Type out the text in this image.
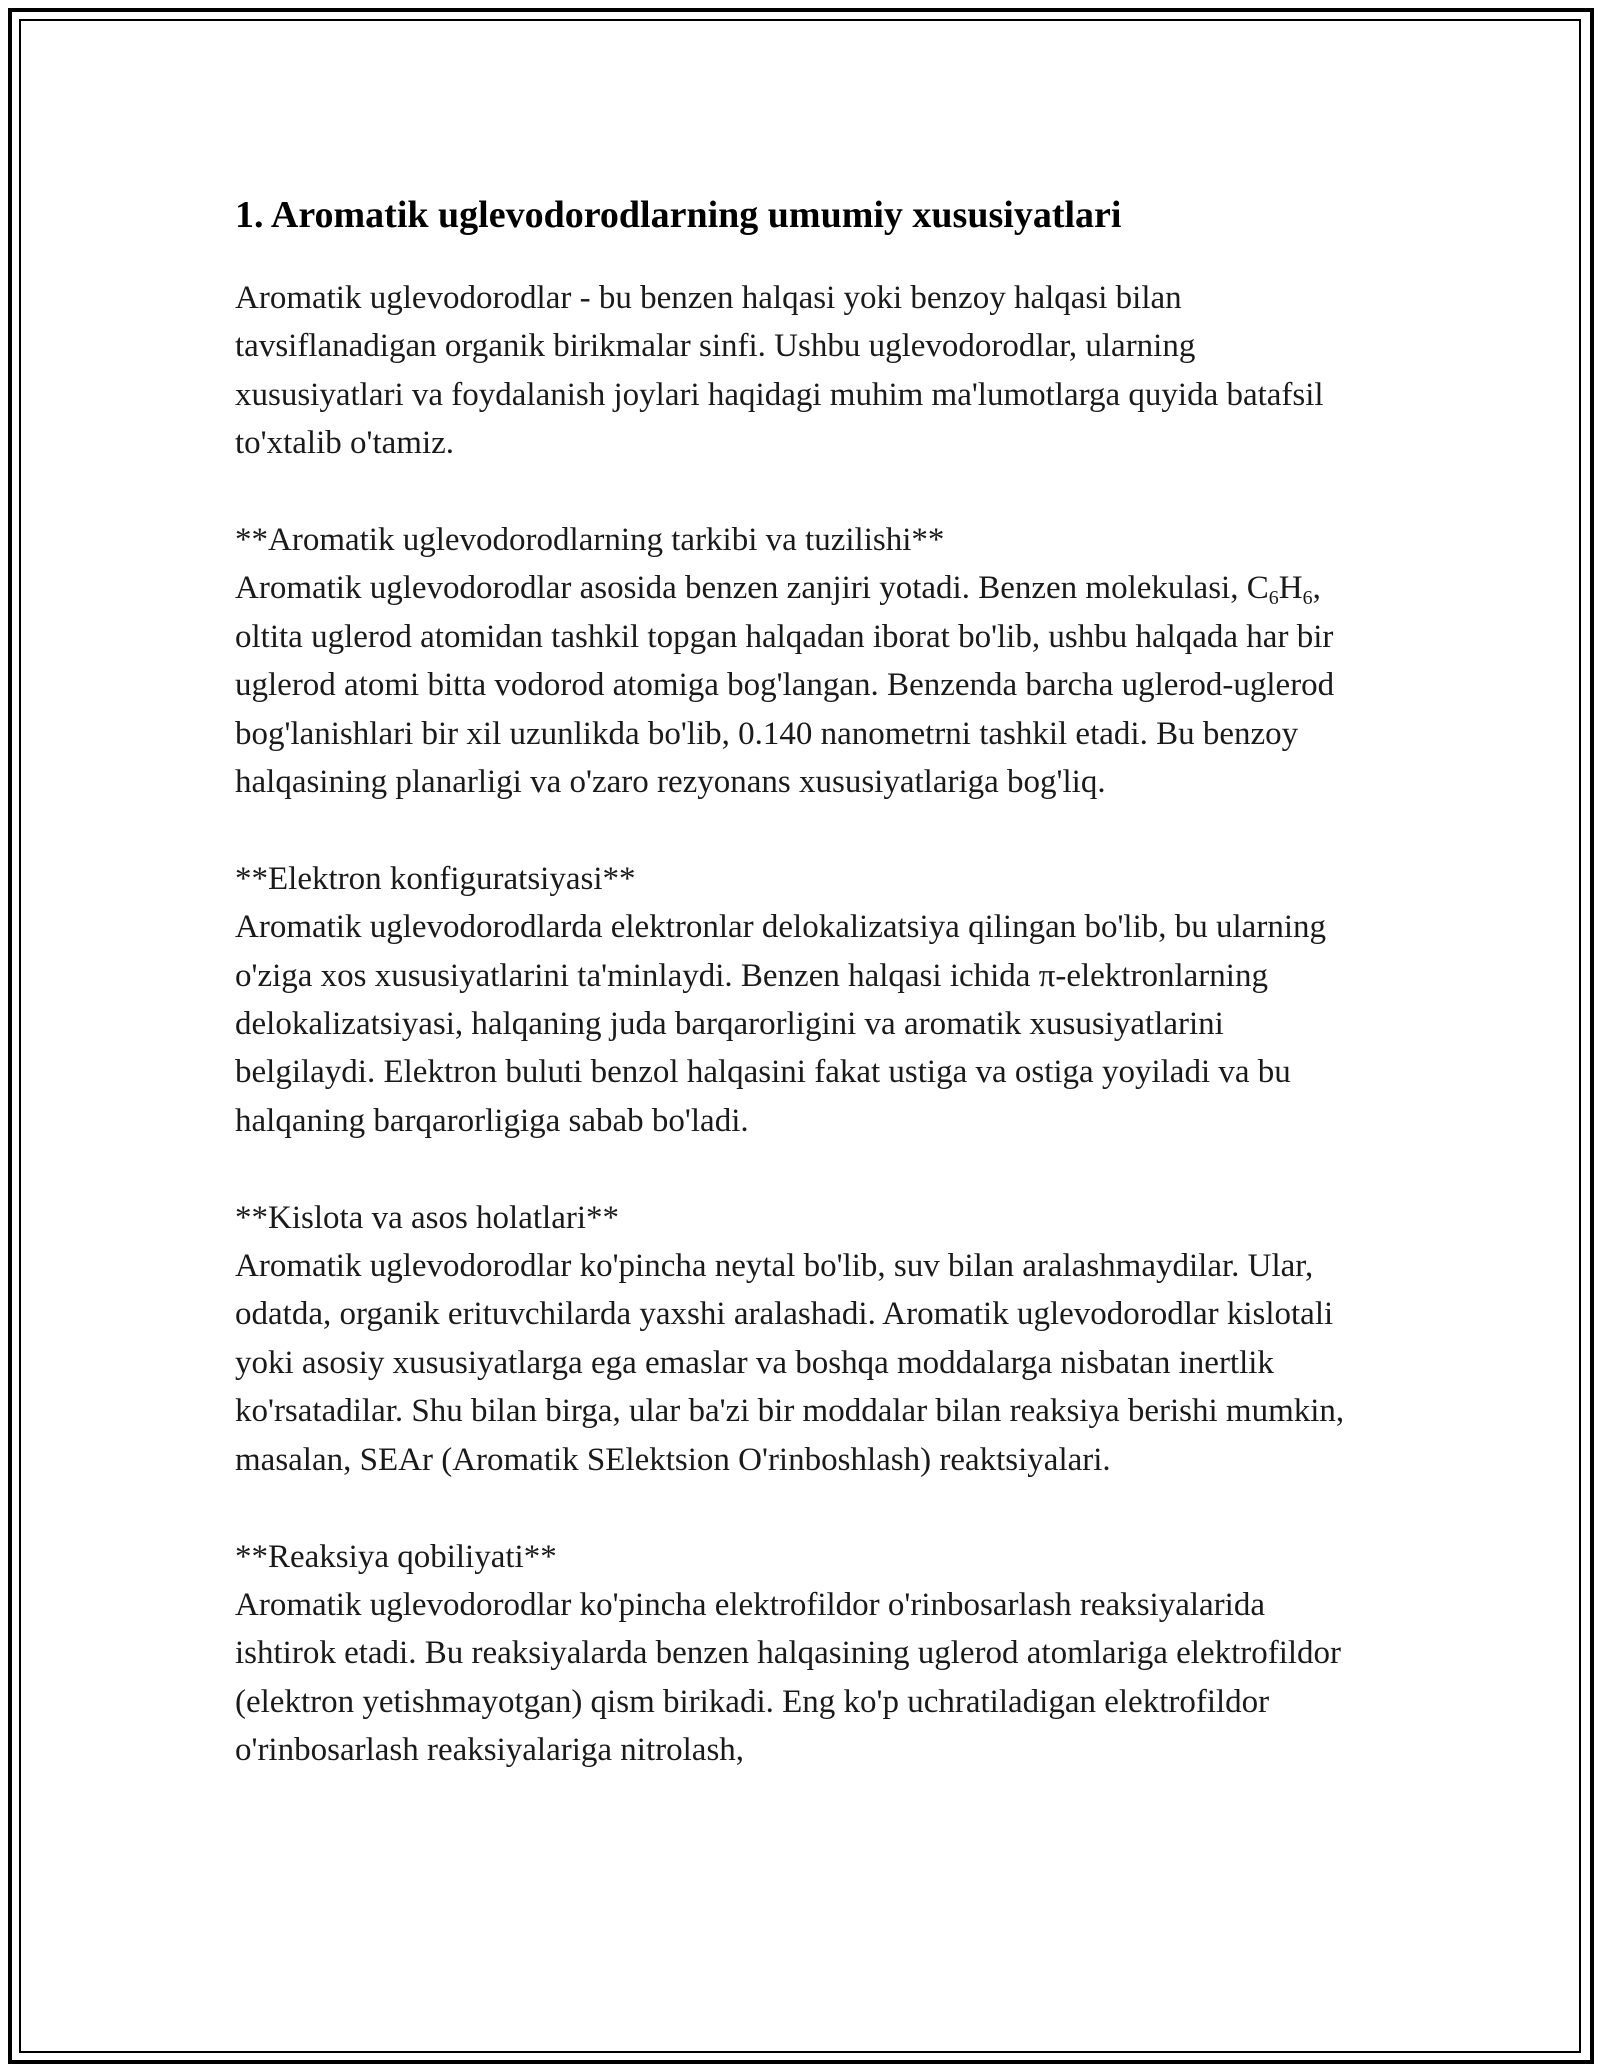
1. Aromatik uglevodorodlarning umumiy xususiyatlari

Aromatik uglevodorodlar - bu benzen halqasi yoki benzoy halqasi bilan tavsiflanadigan organik birikmalar sinfi. Ushbu uglevodorodlar, ularning xususiyatlari va foydalanish joylari haqidagi muhim ma'lumotlarga quyida batafsil to'xtalib o'tamiz.

**Aromatik uglevodorodlarning tarkibi va tuzilishi**
Aromatik uglevodorodlar asosida benzen zanjiri yotadi. Benzen molekulasi, $C_6H_6$, oltita uglerod atomidan tashkil topgan halqadan iborat bo'lib, ushbu halqada har bir uglerod atomi bitta vodorod atomiga bog'langan. Benzenda barcha uglerod-uglerod bog'lanishlari bir xil uzunlikda bo'lib, 0.140 nanometrni tashkil etadi. Bu benzoy halqasining planarligi va o'zaro rezyonans xususiyatlariga bog'liq.

**Elektron konfiguratsiyasi**
Aromatik uglevodorodlarda elektronlar delokalizatsiya qilingan bo'lib, bu ularning o'ziga xos xususiyatlarini ta'minlaydi. Benzen halqasi ichida π-elektronlarning delokalizatsiyasi, halqaning juda barqarorligini va aromatik xususiyatlarini belgilaydi. Elektron buluti benzol halqasini fakat ustiga va ostiga yoyiladi va bu halqaning barqarorligiga sabab bo'ladi.

**Kislota va asos holatlari**
Aromatik uglevodorodlar ko'pincha neytal bo'lib, suv bilan aralashmaydilar. Ular, odatda, organik erituvchilarda yaxshi aralashadi. Aromatik uglevodorodlar kislotali yoki asosiy xususiyatlarga ega emaslar va boshqa moddalarga nisbatan inertlik ko'rsatadilar. Shu bilan birga, ular ba'zi bir moddalar bilan reaksiya berishi mumkin, masalan, SEAr (Aromatik SElektsion O'rinboshlash) reaktsiyalari.

**Reaksiya qobiliyati**
Aromatik uglevodorodlar ko'pincha elektrofildor o'rinbosarlash reaksiyalarida ishtirok etadi. Bu reaksiyalarda benzen halqasining uglerod atomlariga elektrofildor (elektron yetishmayotgan) qism birikadi. Eng ko'p uchratiladigan elektrofildor o'rinbosarlash reaksiyalariga nitrolash,
